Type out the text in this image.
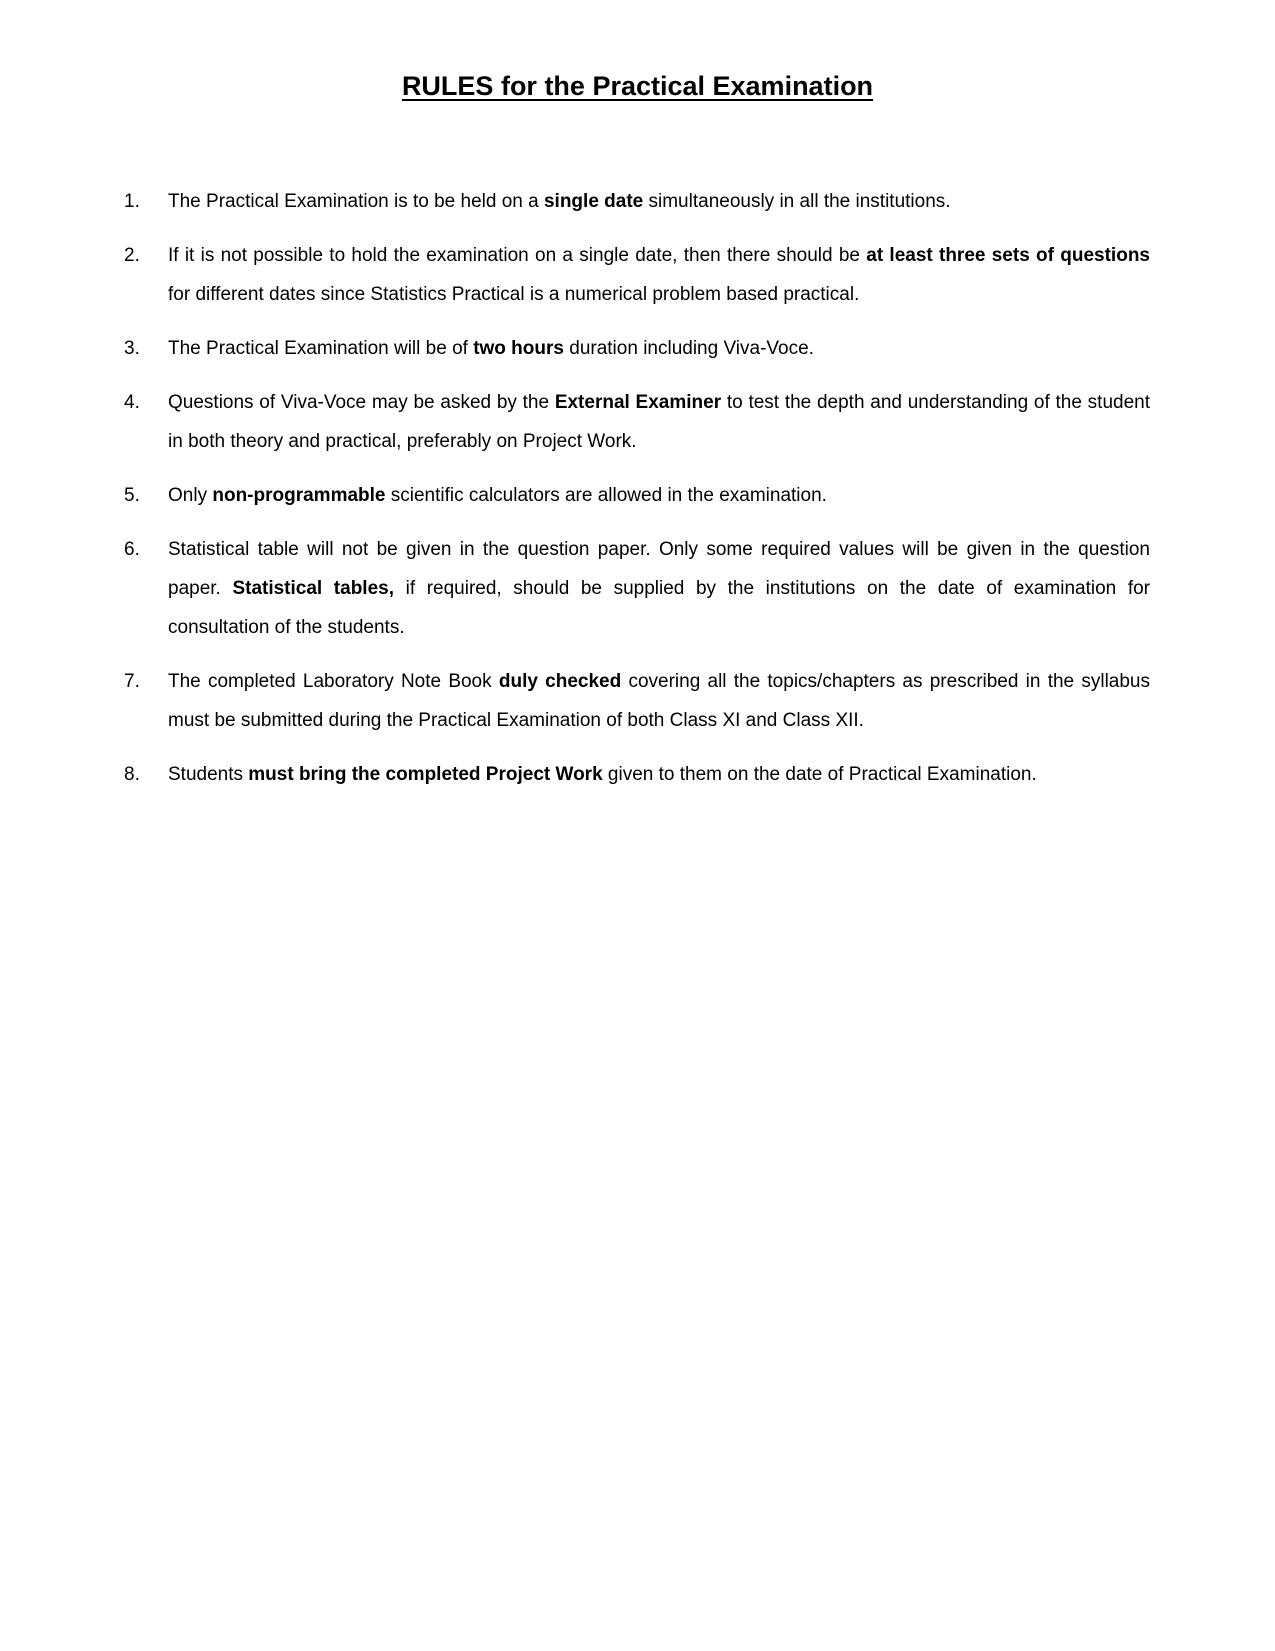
RULES for the Practical Examination
1.	The Practical Examination is to be held on a single date simultaneously in all the institutions.
2.	If it is not possible to hold the examination on a single date, then there should be at least three sets of questions for different dates since Statistics Practical is a numerical problem based practical.
3.	The Practical Examination will be of two hours duration including Viva-Voce.
4.	Questions of Viva-Voce may be asked by the External Examiner to test the depth and understanding of the student in both theory and practical, preferably on Project Work.
5.	Only non-programmable scientific calculators are allowed in the examination.
6.	Statistical table will not be given in the question paper. Only some required values will be given in the question paper. Statistical tables, if required, should be supplied by the institutions on the date of examination for consultation of the students.
7.	The completed Laboratory Note Book duly checked covering all the topics/chapters as prescribed in the syllabus must be submitted during the Practical Examination of both Class XI and Class XII.
8.	Students must bring the completed Project Work given to them on the date of Practical Examination.
